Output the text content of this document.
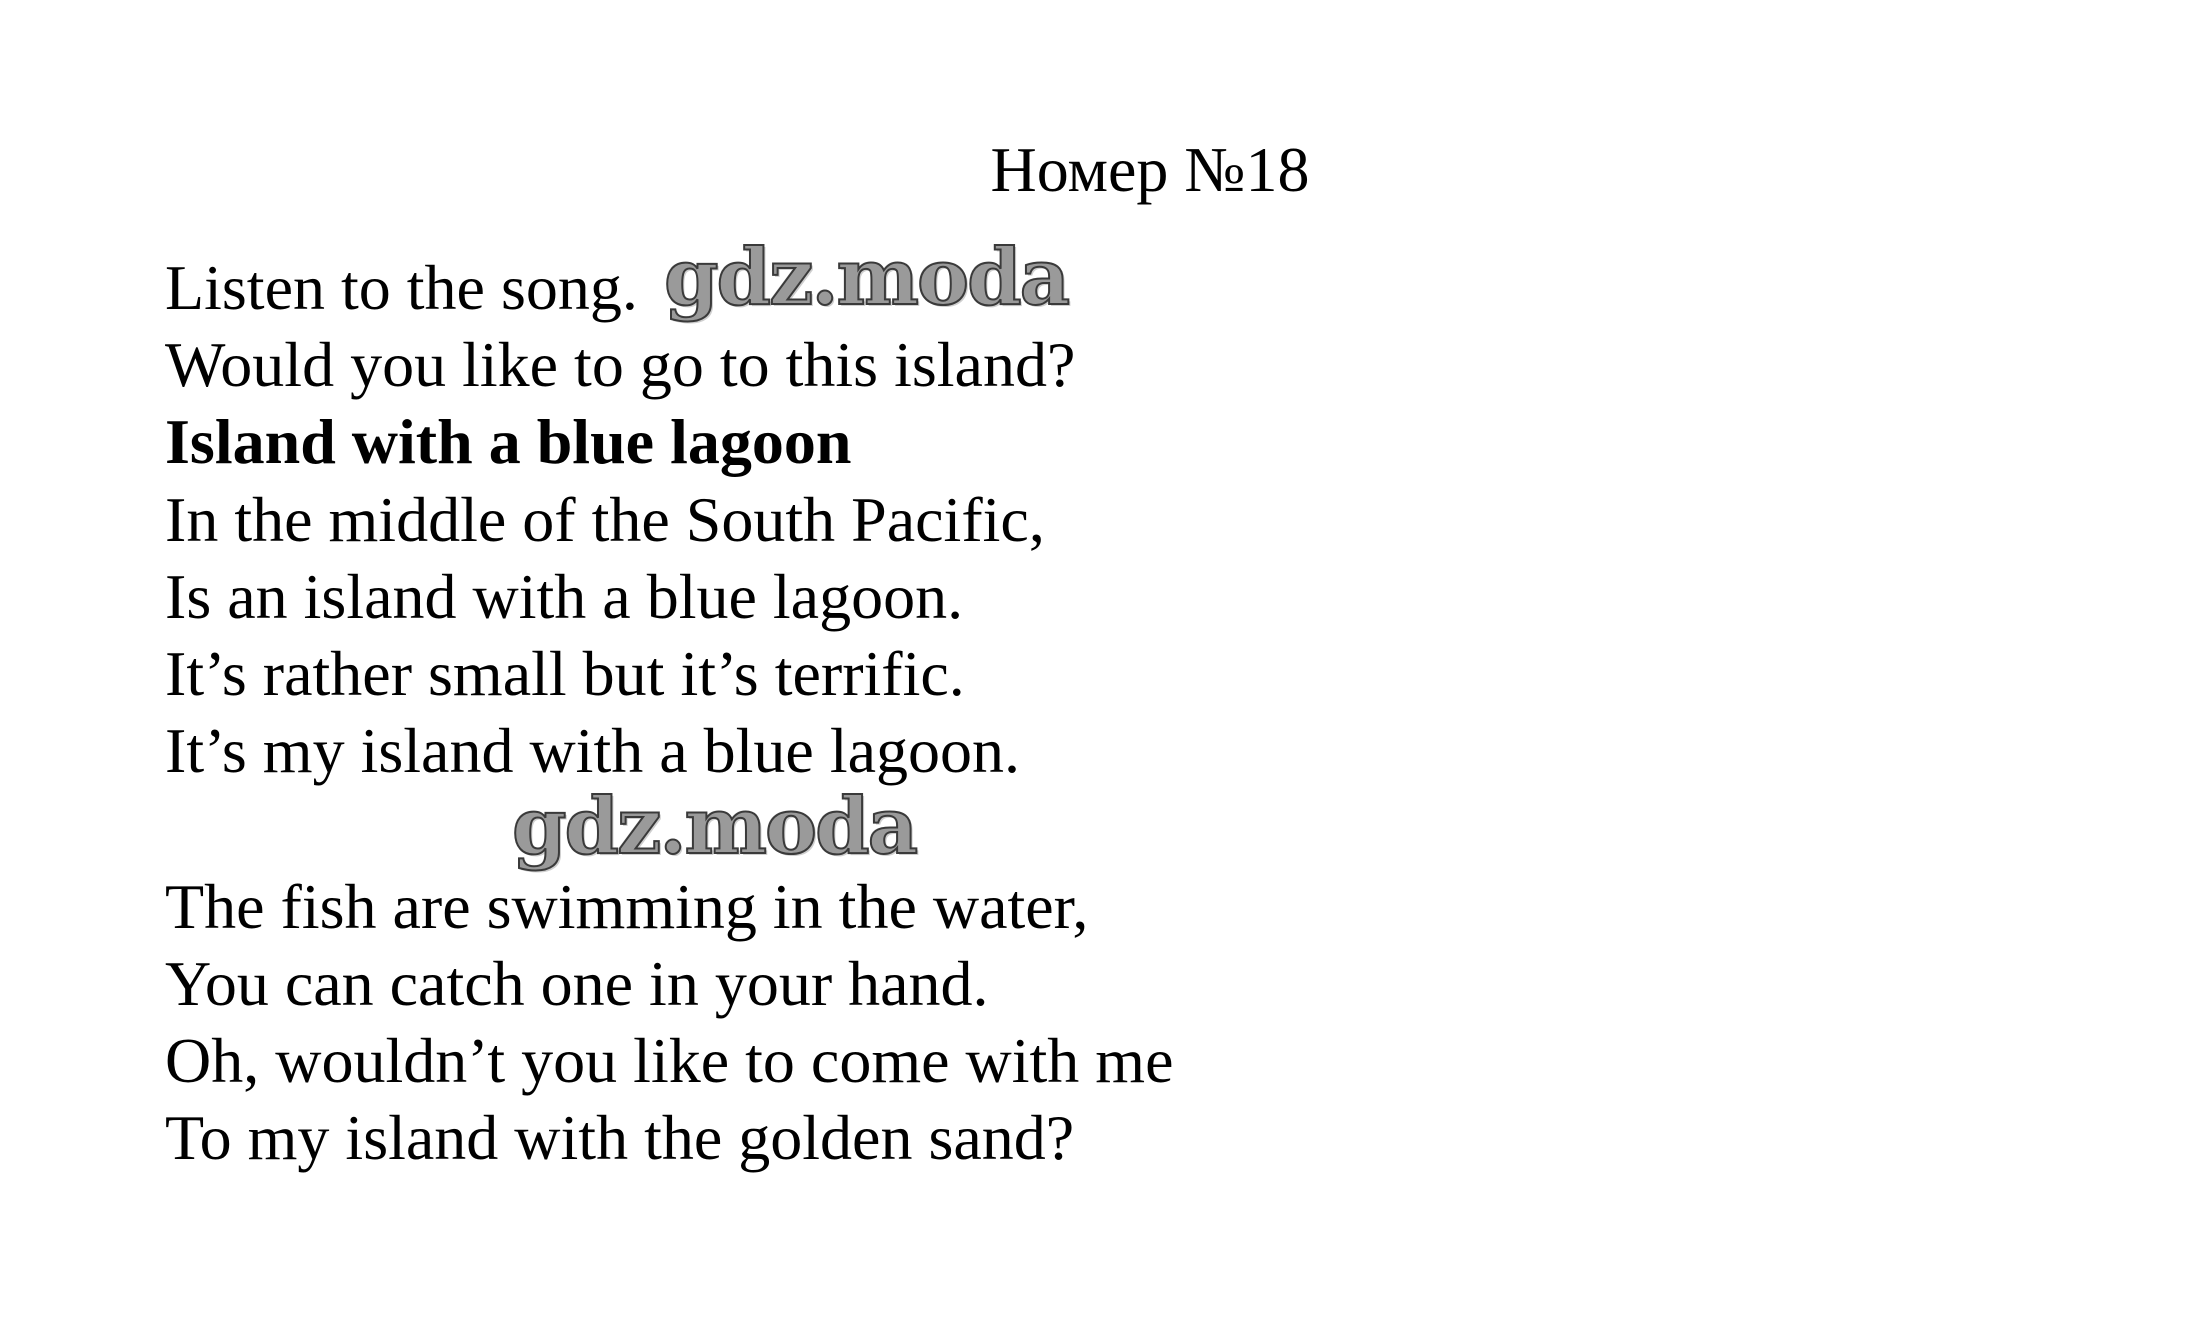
Номер №18
Listen to the song.
Would you like to go to this island?
Island with a blue lagoon
In the middle of the South Pacific,
Is an island with a blue lagoon.
It’s rather small but it’s terrific.
It’s my island with a blue lagoon.
The fish are swimming in the water,
You can catch one in your hand.
Oh, wouldn’t you like to come with me
To my island with the golden sand?
gdz.moda
gdz.moda
